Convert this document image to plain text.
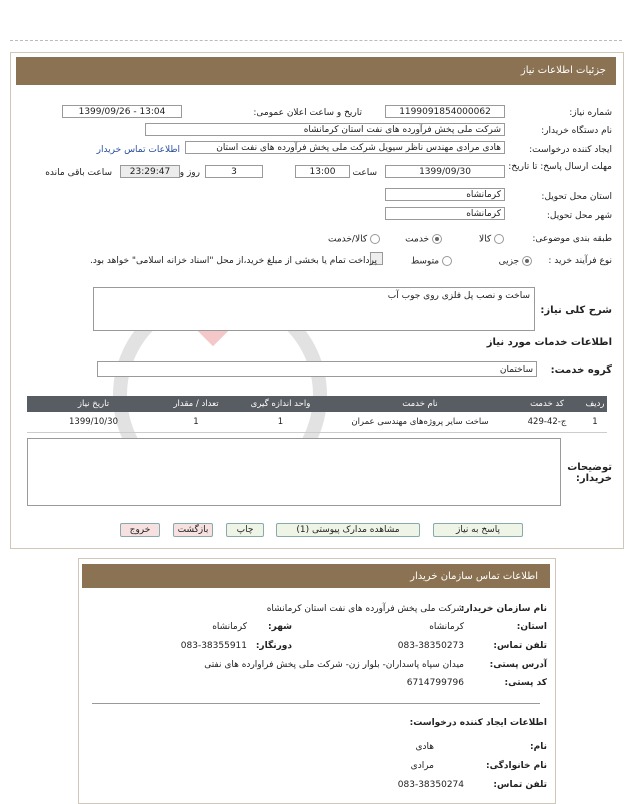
جزئیات اطلاعات نیاز
شماره نیاز:
1199091854000062
تاریخ و ساعت اعلان عمومی:
1399/09/26 - 13:04
نام دستگاه خریدار:
شرکت ملی پخش فرآورده های نفت استان کرمانشاه
ایجاد کننده درخواست:
هادی مرادی مهندس ناظر سیویل شرکت ملی پخش فرآورده های نفت استان
اطلاعات تماس خریدار
مهلت ارسال پاسخ: تا تاریخ:
1399/09/30
ساعت
13:00
3
روز و
23:29:47
ساعت باقی مانده
استان محل تحویل:
کرمانشاه
شهر محل تحویل:
کرمانشاه
طبقه بندی موضوعی:
کالا
خدمت
کالا/خدمت
نوع فرآیند خرید :
جزیی
متوسط
پرداخت تمام یا بخشی از مبلغ خرید،از محل "اسناد خزانه اسلامی" خواهد بود.
شرح کلی نیاز:
ساخت و نصب پل فلزی روی جوب آب
اطلاعات خدمات مورد نیاز
گروه خدمت:
ساختمان
ردیف	کد خدمت	نام خدمت	واحد اندازه گیری	تعداد / مقدار	تاریخ نیاز
1	ج-42-429	ساخت سایر پروژه‌های مهندسی عمران	1	1	1399/10/30
توضیحات خریدار:
پاسخ به نیاز
مشاهده مدارک پیوستی (1)
چاپ
بازگشت
خروج
اطلاعات تماس سازمان خریدار
نام سازمان خریدار:
شرکت ملی پخش فرآورده های نفت استان کرمانشاه
استان:
کرمانشاه
شهر:
کرمانشاه
تلفن تماس:
083-38350273
دورنگار:
083-38355911
آدرس پستی:
میدان سپاه پاسداران- بلوار زن- شرکت ملی پخش فراوارده های نفتی
کد پستی:
6714799796
اطلاعات ایجاد کننده درخواست:
نام:
هادی
نام خانوادگی:
مرادی
تلفن تماس:
083-38350274
